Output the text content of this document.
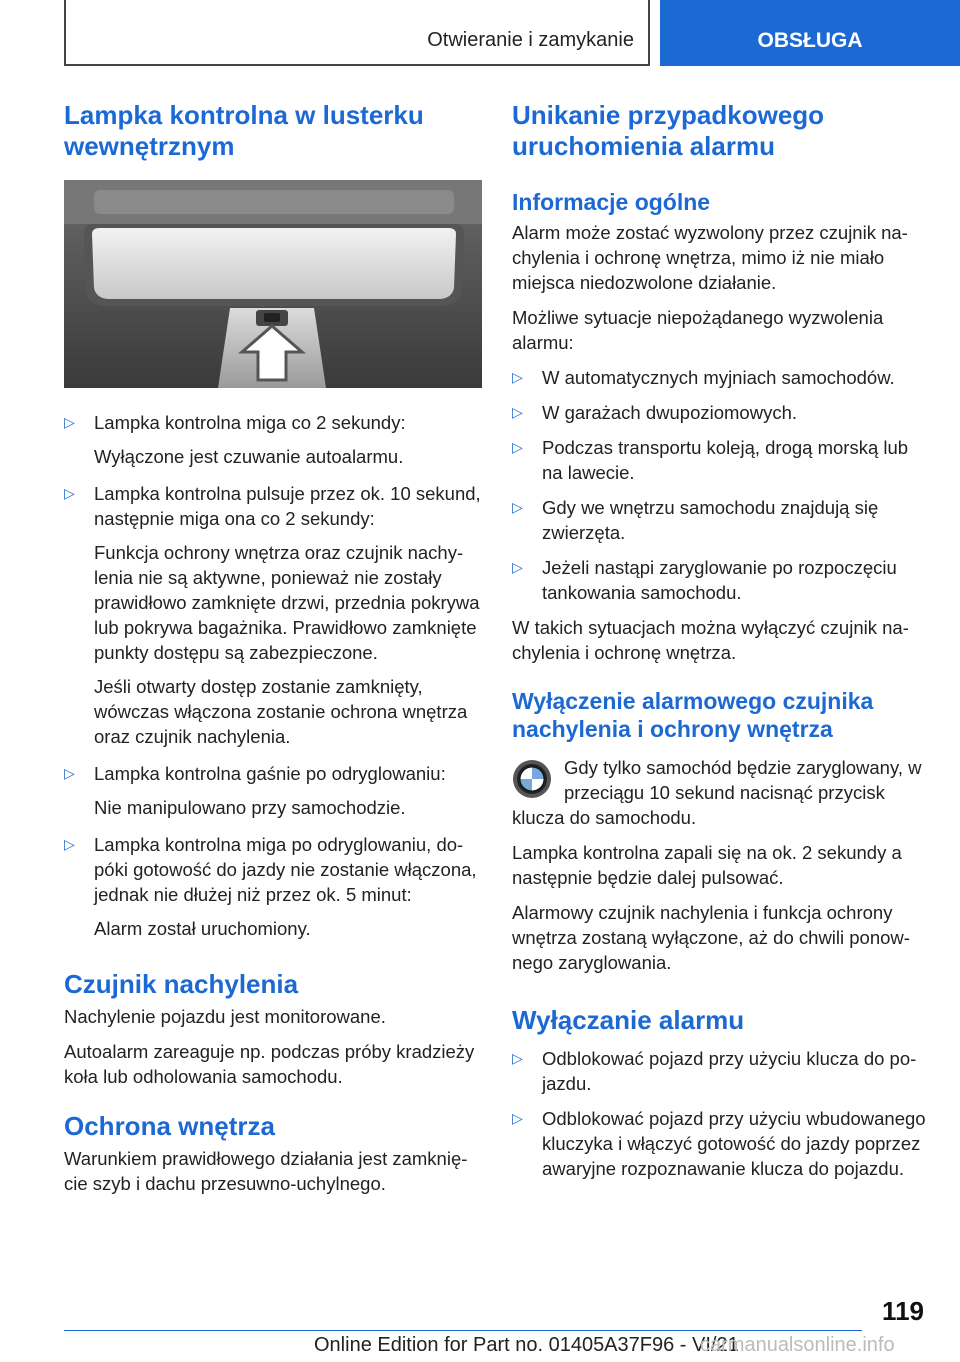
Otwieranie i zamykanie	OBSŁUGA
Lampka kontrolna w lusterku wewnętrznym
▷ Lampka kontrolna miga co 2 sekundy:
Wyłączone jest czuwanie autoalarmu.
▷ Lampka kontrolna pulsuje przez ok. 10 sekund, następnie miga ona co 2 sekundy:
Funkcja ochrony wnętrza oraz czujnik nachylenia nie są aktywne, ponieważ nie zostały prawidłowo zamknięte drzwi, przednia pokrywa lub pokrywa bagażnika. Prawidłowo zamknięte punkty dostępu są zabezpieczone.
Jeśli otwarty dostęp zostanie zamknięty, wówczas włączona zostanie ochrona wnętrza oraz czujnik nachylenia.
▷ Lampka kontrolna gaśnie po odryglowaniu:
Nie manipulowano przy samochodzie.
▷ Lampka kontrolna miga po odryglowaniu, dopóki gotowość do jazdy nie zostanie włączona, jednak nie dłużej niż przez ok. 5 minut:
Alarm został uruchomiony.
Czujnik nachylenia

Nachylenie pojazdu jest monitorowane.

Autoalarm zareaguje np. podczas próby kradzieży koła lub odholowania samochodu.

Ochrona wnętrza

Warunkiem prawidłowego działania jest zamknięcie szyb i dachu przesuwno-uchylnego.

Unikanie przypadkowego uruchomienia alarmu
Informacje ogólne

Alarm może zostać wyzwolony przez czujnik nachylenia i ochronę wnętrza, mimo iż nie miało miejsca niedozwolone działanie.

Możliwe sytuacje niepożądanego wyzwolenia alarmu:

▷ W automatycznych myjniach samochodów.
▷ W garażach dwupoziomowych.
▷ Podczas transportu koleją, drogą morską lub na lawecie.
▷ Gdy we wnętrzu samochodu znajdują się zwierzęta.
▷ Jeżeli nastąpi zaryglowanie po rozpoczęciu tankowania samochodu.

W takich sytuacjach można wyłączyć czujnik nachylenia i ochronę wnętrza.

Wyłączenie alarmowego czujnika nachylenia i ochrony wnętrza
Gdy tylko samochód będzie zaryglowany, w przeciągu 10 sekund nacisnąć przycisk
klucza do samochodu.

Lampka kontrolna zapali się na ok. 2 sekundy a następnie będzie dalej pulsować.

Alarmowy czujnik nachylenia i funkcja ochrony wnętrza zostaną wyłączone, aż do chwili ponownego zaryglowania.

Wyłączanie alarmu
▷ Odblokować pojazd przy użyciu klucza do pojazdu.
▷ Odblokować pojazd przy użyciu wbudowanego kluczyka i włączyć gotowość do jazdy poprzez awaryjne rozpoznawanie klucza do pojazdu.
119
Online Edition for Part no. 01405A37F96 - VI/21
carmanualsonline.info
